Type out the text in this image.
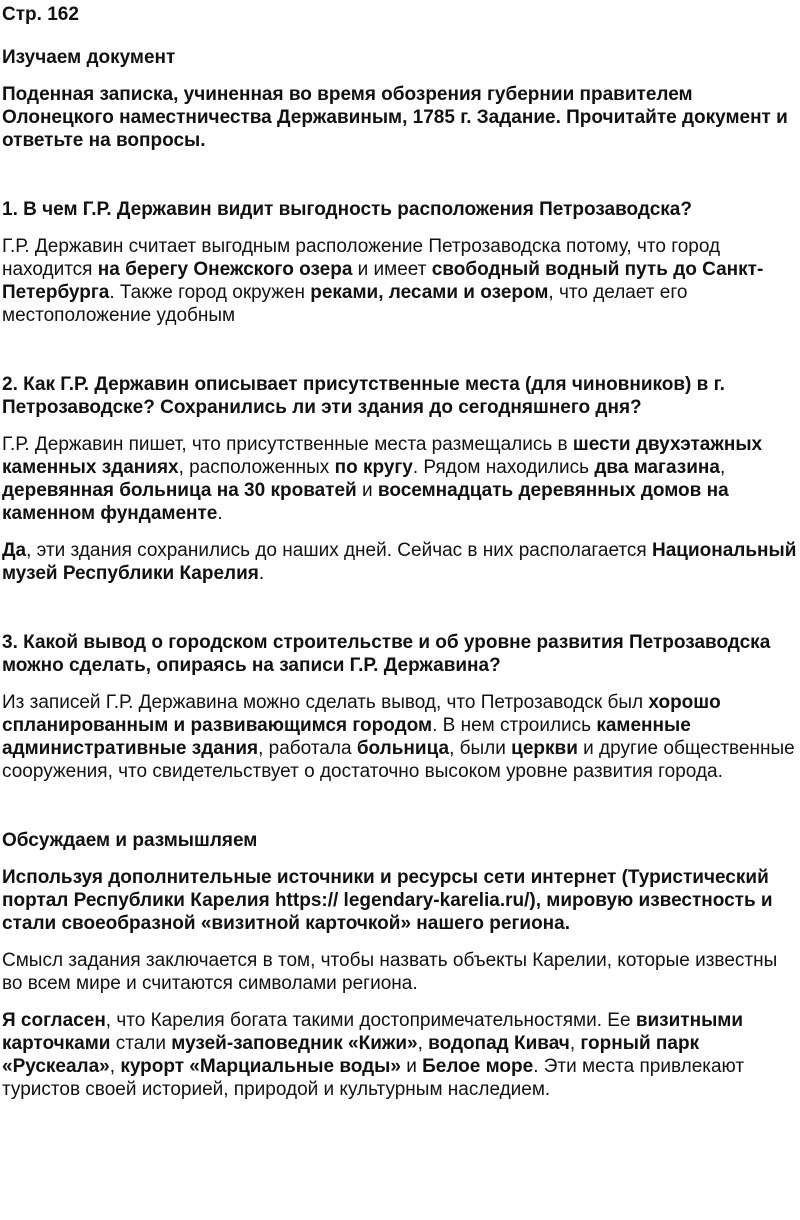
Стр. 162

Изучаем документ

Поденная записка, учиненная во время обозрения губернии правителем Олонецкого наместничества Державиным, 1785 г. Задание. Прочитайте документ и ответьте на вопросы.

1. В чем Г.Р. Державин видит выгодность расположения Петрозаводска?

Г.Р. Державин считает выгодным расположение Петрозаводска потому, что город находится на берегу Онежского озера и имеет свободный водный путь до Санкт-Петербурга. Также город окружен реками, лесами и озером, что делает его местоположение удобным

2. Как Г.Р. Державин описывает присутственные места (для чиновников) в г. Петрозаводске? Сохранились ли эти здания до сегодняшнего дня?

Г.Р. Державин пишет, что присутственные места размещались в шести двухэтажных каменных зданиях, расположенных по кругу. Рядом находились два магазина, деревянная больница на 30 кроватей и восемнадцать деревянных домов на каменном фундаменте.

Да, эти здания сохранились до наших дней. Сейчас в них располагается Национальный музей Республики Карелия.

3. Какой вывод о городском строительстве и об уровне развития Петрозаводска можно сделать, опираясь на записи Г.Р. Державина?

Из записей Г.Р. Державина можно сделать вывод, что Петрозаводск был хорошо спланированным и развивающимся городом. В нем строились каменные административные здания, работала больница, были церкви и другие общественные сооружения, что свидетельствует о достаточно высоком уровне развития города.

Обсуждаем и размышляем

Используя дополнительные источники и ресурсы сети интернет (Туристический портал Республики Карелия https:// legendary-karelia.ru/), мировую известность и стали своеобразной «визитной карточкой» нашего региона.

Смысл задания заключается в том, чтобы назвать объекты Карелии, которые известны во всем мире и считаются символами региона.

Я согласен, что Карелия богата такими достопримечательностями. Ее визитными карточками стали музей-заповедник «Кижи», водопад Кивач, горный парк «Рускеала», курорт «Марциальные воды» и Белое море. Эти места привлекают туристов своей историей, природой и культурным наследием.
